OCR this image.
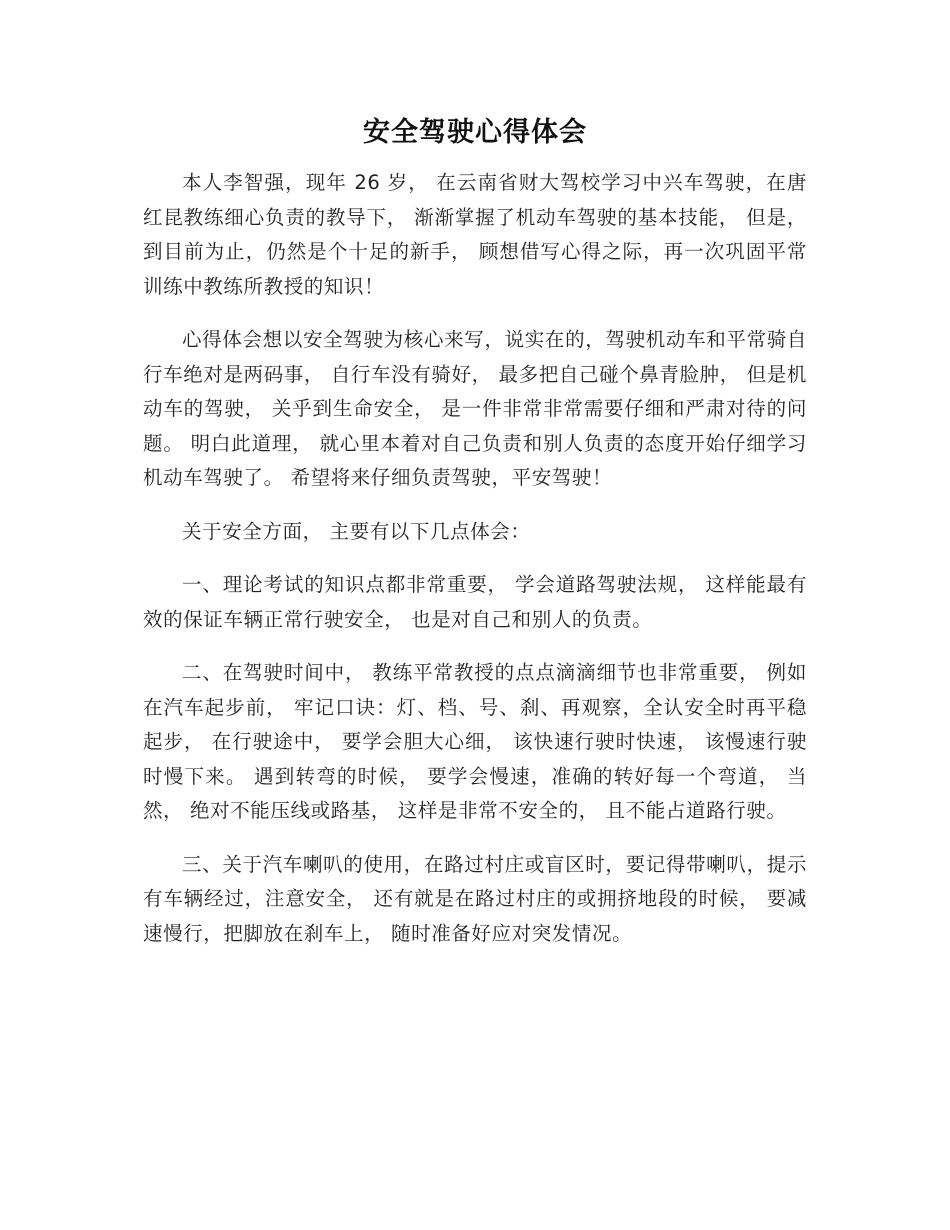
安全驾驶心得体会

本人李智强，现年 26 岁， 在云南省财大驾校学习中兴车驾驶，在唐红昆教练细心负责的教导下， 渐渐掌握了机动车驾驶的基本技能， 但是， 到目前为止，仍然是个十足的新手， 顾想借写心得之际，再一次巩固平常训练中教练所教授的知识！

心得体会想以安全驾驶为核心来写，说实在的，驾驶机动车和平常骑自行车绝对是两码事， 自行车没有骑好， 最多把自己碰个鼻青脸肿， 但是机动车的驾驶， 关乎到生命安全， 是一件非常非常需要仔细和严肃对待的问题。 明白此道理， 就心里本着对自己负责和别人负责的态度开始仔细学习机动车驾驶了。 希望将来仔细负责驾驶，平安驾驶！

关于安全方面， 主要有以下几点体会：

一、理论考试的知识点都非常重要， 学会道路驾驶法规， 这样能最有效的保证车辆正常行驶安全， 也是对自己和别人的负责。

二、在驾驶时间中， 教练平常教授的点点滴滴细节也非常重要， 例如在汽车起步前， 牢记口诀：灯、档、号、刹、再观察，全认安全时再平稳起步， 在行驶途中， 要学会胆大心细， 该快速行驶时快速， 该慢速行驶时慢下来。 遇到转弯的时候， 要学会慢速，准确的转好每一个弯道， 当然， 绝对不能压线或路基， 这样是非常不安全的， 且不能占道路行驶。

三、关于汽车喇叭的使用，在路过村庄或盲区时，要记得带喇叭，提示有车辆经过，注意安全， 还有就是在路过村庄的或拥挤地段的时候， 要减速慢行，把脚放在刹车上， 随时准备好应对突发情况。
